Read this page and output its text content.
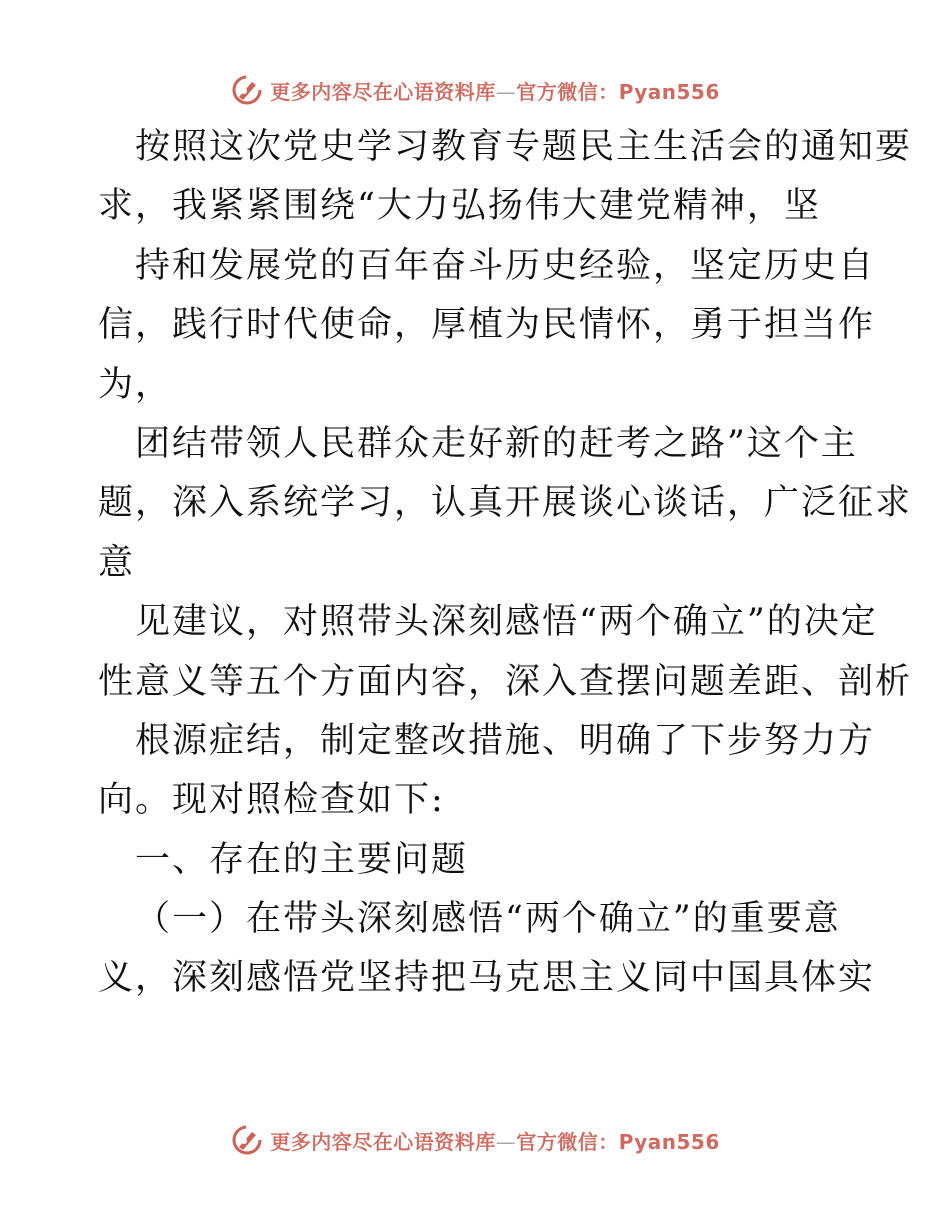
更多内容尽在心语资料库—官方微信：Pyan556
按照这次党史学习教育专题民主生活会的通知要
求，我紧紧围绕“大力弘扬伟大建党精神，坚
持和发展党的百年奋斗历史经验，坚定历史自
信，践行时代使命，厚植为民情怀，勇于担当作
为，
团结带领人民群众走好新的赶考之路”这个主
题，深入系统学习，认真开展谈心谈话，广泛征求
意
见建议，对照带头深刻感悟“两个确立”的决定
性意义等五个方面内容，深入查摆问题差距、剖析
根源症结，制定整改措施、明确了下步努力方
向。现对照检查如下:
一、存在的主要问题
（一）在带头深刻感悟“两个确立”的重要意
义，深刻感悟党坚持把马克思主义同中国具体实
更多内容尽在心语资料库—官方微信：Pyan556
